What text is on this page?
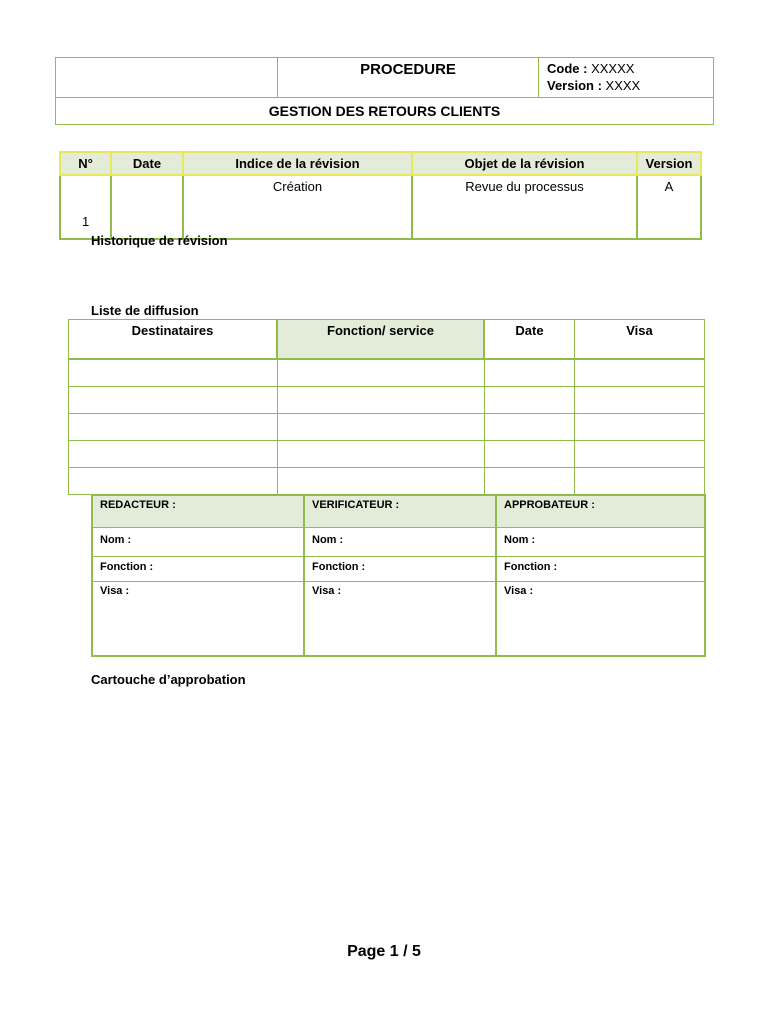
	PROCEDURE	Code : XXXXX
Version : XXXX

GESTION DES RETOURS CLIENTS
N°	Date	Indice de la révision	Objet de la révision	Version
1		Création	Revue du processus	A
Historique de révision
Liste de diffusion
Destinataires	Fonction/ service	Date	Visa

REDACTEUR :	VERIFICATEUR :	APPROBATEUR :
Nom :	Nom :	Nom :
Fonction :	Fonction :	Fonction :
Visa :	Visa :	Visa :
Cartouche d’approbation
Page 1 / 5
